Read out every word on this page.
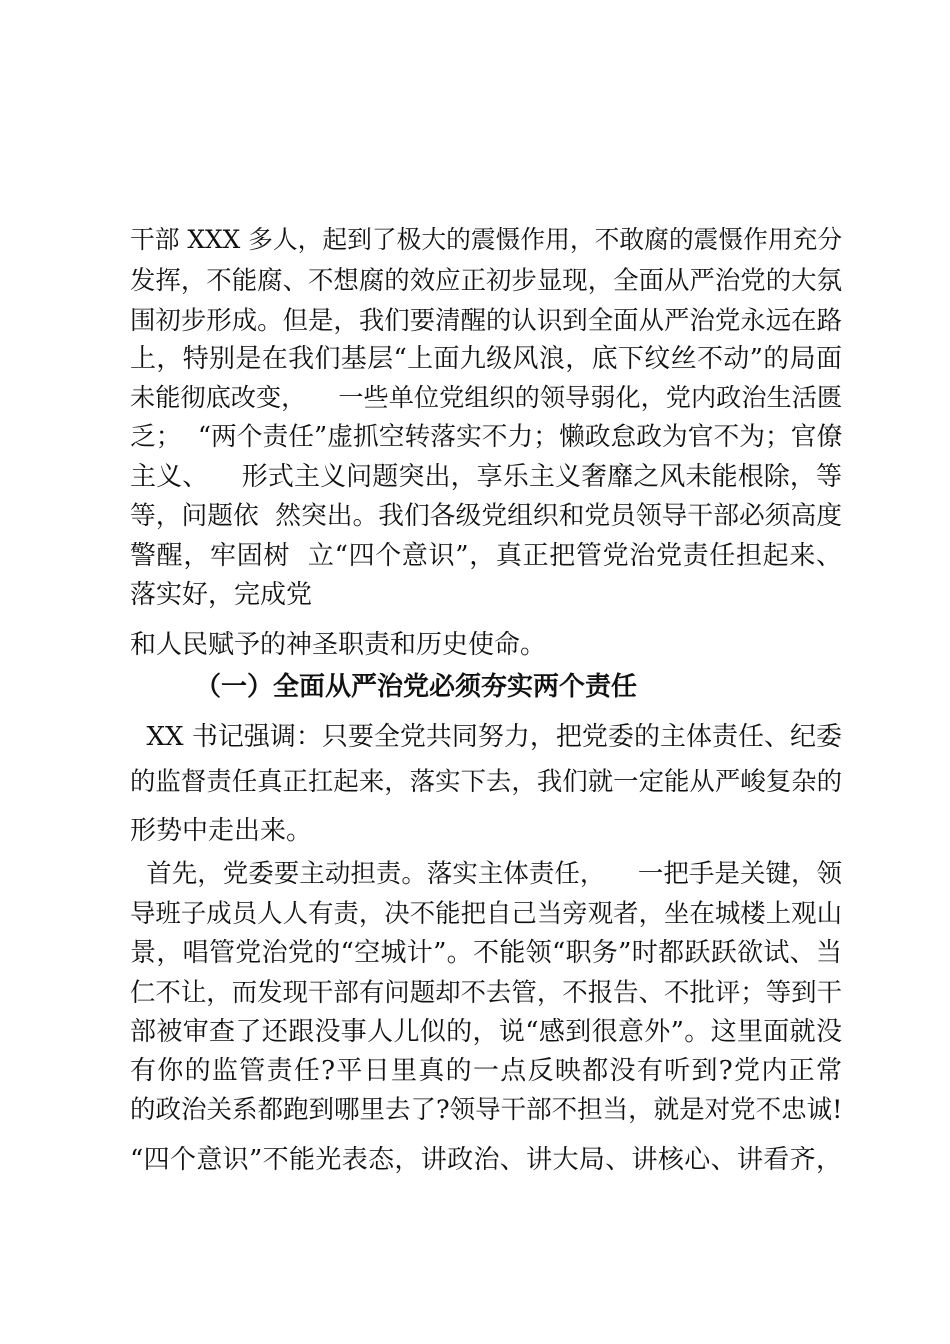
干部 XXX 多人，起到了极大的震慑作用，不敢腐的震慑作用充分
发挥，不能腐、不想腐的效应正初步显现，全面从严治党的大氛
围初步形成。但是，我们要清醒的认识到全面从严治党永远在路
上，特别是在我们基层“上面九级风浪，底下纹丝不动”的局面
未能彻底改变，    一些单位党组织的领导弱化，党内政治生活匮
乏；  “两个责任”虚抓空转落实不力；懒政怠政为官不为；官僚
主义、    形式主义问题突出，享乐主义奢靡之风未能根除，等
等，问题依  然突出。我们各级党组织和党员领导干部必须高度
警醒，牢固树  立“四个意识”，真正把管党治党责任担起来、
落实好，完成党
和人民赋予的神圣职责和历史使命。
（一）全面从严治党必须夯实两个责任
XX 书记强调：只要全党共同努力，把党委的主体责任、纪委
的监督责任真正扛起来，落实下去，我们就一定能从严峻复杂的
形势中走出来。
首先，党委要主动担责。落实主体责任，    一把手是关键，领
导班子成员人人有责，决不能把自己当旁观者，坐在城楼上观山
景，唱管党治党的“空城计”。不能领“职务”时都跃跃欲试、当
仁不让，而发现干部有问题却不去管，不报告、不批评；等到干
部被审查了还跟没事人儿似的，说“感到很意外”。这里面就没
有你的监管责任?平日里真的一点反映都没有听到?党内正常
的政治关系都跑到哪里去了?领导干部不担当，就是对党不忠诚!
“四个意识”不能光表态，讲政治、讲大局、讲核心、讲看齐，
